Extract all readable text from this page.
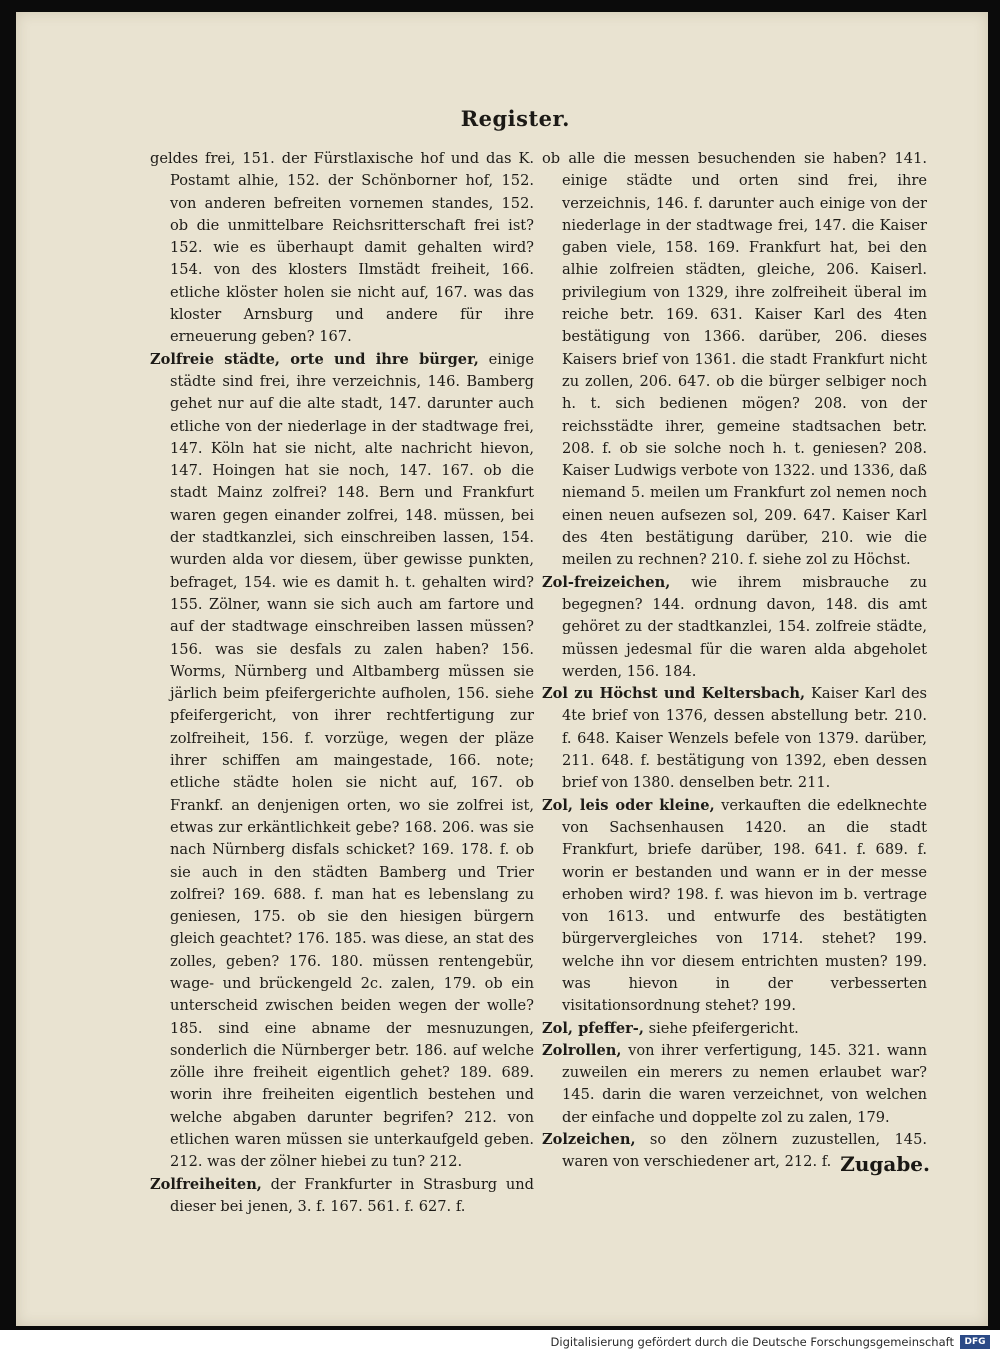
Register.

geldes frei, 151. der Fürstlaxische hof und das K. Postamt alhie, 152. der Schönborner hof, 152. von anderen befreiten vornemen standes, 152. ob die unmittelbare Reichsritterschaft frei ist? 152. wie es überhaupt damit gehalten wird? 154. von des klosters Ilmstädt freiheit, 166. etliche klöster holen sie nicht auf, 167. was das kloster Arnsburg und andere für ihre erneuerung geben? 167.

Zolfreie städte, orte und ihre bürger, einige städte sind frei, ihre verzeichnis, 146. Bamberg gehet nur auf die alte stadt, 147. darunter auch etliche von der niederlage in der stadtwage frei, 147. Köln hat sie nicht, alte nachricht hievon, 147. Hoingen hat sie noch, 147. 167. ob die stadt Mainz zolfrei? 148. Bern und Frankfurt waren gegen einander zolfrei, 148. müssen, bei der stadtkanzlei, sich einschreiben lassen, 154. wurden alda vor diesem, über gewisse punkten, befraget, 154. wie es damit h. t. gehalten wird? 155. Zölner, wann sie sich auch am fartore und auf der stadtwage einschreiben lassen müssen? 156. was sie desfals zu zalen haben? 156. Worms, Nürnberg und Altbamberg müssen sie järlich beim pfeifergerichte aufholen, 156. siehe pfeifergericht, von ihrer rechtfertigung zur zolfreiheit, 156. f. vorzüge, wegen der pläze ihrer schiffen am maingestade, 166. note; etliche städte holen sie nicht auf, 167. ob Frankf. an denjenigen orten, wo sie zolfrei ist, etwas zur erkäntlichkeit gebe? 168. 206. was sie nach Nürnberg disfals schicket? 169. 178. f. ob sie auch in den städten Bamberg und Trier zolfrei? 169. 688. f. man hat es lebenslang zu geniesen, 175. ob sie den hiesigen bürgern gleich geachtet? 176. 185. was diese, an stat des zolles, geben? 176. 180. müssen rentengebür, wage- und brückengeld 2c. zalen, 179. ob ein unterscheid zwischen beiden wegen der wolle? 185. sind eine abname der mesnuzungen, sonderlich die Nürnberger betr. 186. auf welche zölle ihre freiheit eigentlich gehet? 189. 689. worin ihre freiheiten eigentlich bestehen und welche abgaben darunter begrifen? 212. von etlichen waren müssen sie unterkaufgeld geben. 212. was der zölner hiebei zu tun? 212.

Zolfreiheiten, der Frankfurter in Strasburg und dieser bei jenen, 3. f. 167. 561. f. 627. f.

ob alle die messen besuchenden sie haben? 141. einige städte und orten sind frei, ihre verzeichnis, 146. f. darunter auch einige von der niederlage in der stadtwage frei, 147. die Kaiser gaben viele, 158. 169. Frankfurt hat, bei den alhie zolfreien städten, gleiche, 206. Kaiserl. privilegium von 1329, ihre zolfreiheit überal im reiche betr. 169. 631. Kaiser Karl des 4ten bestätigung von 1366. darüber, 206. dieses Kaisers brief von 1361. die stadt Frankfurt nicht zu zollen, 206. 647. ob die bürger selbiger noch h. t. sich bedienen mögen? 208. von der reichsstädte ihrer, gemeine stadtsachen betr. 208. f. ob sie solche noch h. t. geniesen? 208. Kaiser Ludwigs verbote von 1322. und 1336, daß niemand 5. meilen um Frankfurt zol nemen noch einen neuen aufsezen sol, 209. 647. Kaiser Karl des 4ten bestätigung darüber, 210. wie die meilen zu rechnen? 210. f. siehe zol zu Höchst.

Zol-freizeichen, wie ihrem misbrauche zu begegnen? 144. ordnung davon, 148. dis amt gehöret zu der stadtkanzlei, 154. zolfreie städte, müssen jedesmal für die waren alda abgeholet werden, 156. 184.

Zol zu Höchst und Keltersbach, Kaiser Karl des 4te brief von 1376, dessen abstellung betr. 210. f. 648. Kaiser Wenzels befele von 1379. darüber, 211. 648. f. bestätigung von 1392, eben dessen brief von 1380. denselben betr. 211.

Zol, leis oder kleine, verkauften die edelknechte von Sachsenhausen 1420. an die stadt Frankfurt, briefe darüber, 198. 641. f. 689. f. worin er bestanden und wann er in der messe erhoben wird? 198. f. was hievon im b. vertrage von 1613. und entwurfe des bestätigten bürgervergleiches von 1714. stehet? 199. welche ihn vor diesem entrichten musten? 199. was hievon in der verbesserten visitationsordnung stehet? 199.

Zol, pfeffer-, siehe pfeifergericht.

Zolrollen, von ihrer verfertigung, 145. 321. wann zuweilen ein merers zu nemen erlaubet war? 145. darin die waren verzeichnet, von welchen der einfache und doppelte zol zu zalen, 179.

Zolzeichen, so den zölnern zuzustellen, 145. waren von verschiedener art, 212. f. Zugabe.
Digitalisierung gefördert durch die Deutsche Forschungsgemeinschaft	DFG
